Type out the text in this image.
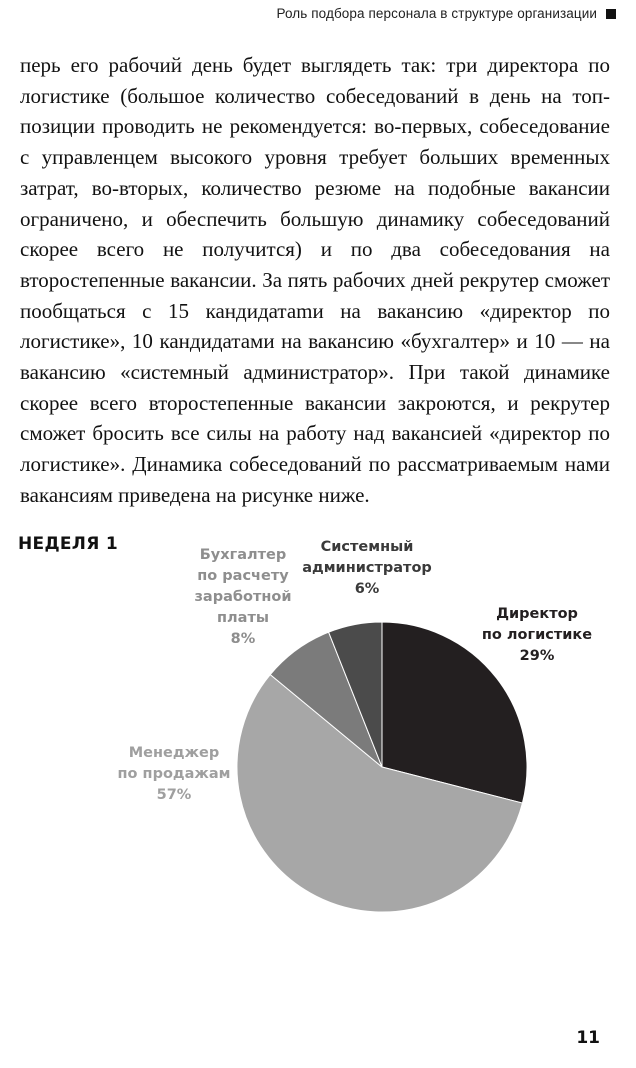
Роль подбора персонала в структуре организации

перь его рабочий день будет выглядеть так: три директора по логистике (большое количество собеседований в день на топ-позиции проводить не рекомендуется: во-первых, собеседование с управленцем высокого уровня требует больших временных затрат, во-вторых, количество резюме на подобные вакансии ограничено, и обеспечить большую динамику собеседований скорее всего не получится) и по два собеседования на второстепенные вакансии. За пять рабочих дней рекрутер сможет пообщаться с 15 кандидатаmи на вакансию «директор по логистике», 10 кандидатами на вакансию «бухгалтер» и 10 — на вакансию «системный администратор». При такой динамике скорее всего второстепенные вакансии закроются, и рекрутер сможет бросить все силы на работу над вакансией «директор по логистике». Динамика собеседований по рассматриваемым нами вакансиям приведена на рисунке ниже.

НЕДЕЛЯ 1
Директор
по логистике
29%
Менеджер
по продажам
57%
Бухгалтер
по расчету
заработной
платы
8%
Системный
администратор
6%
11
